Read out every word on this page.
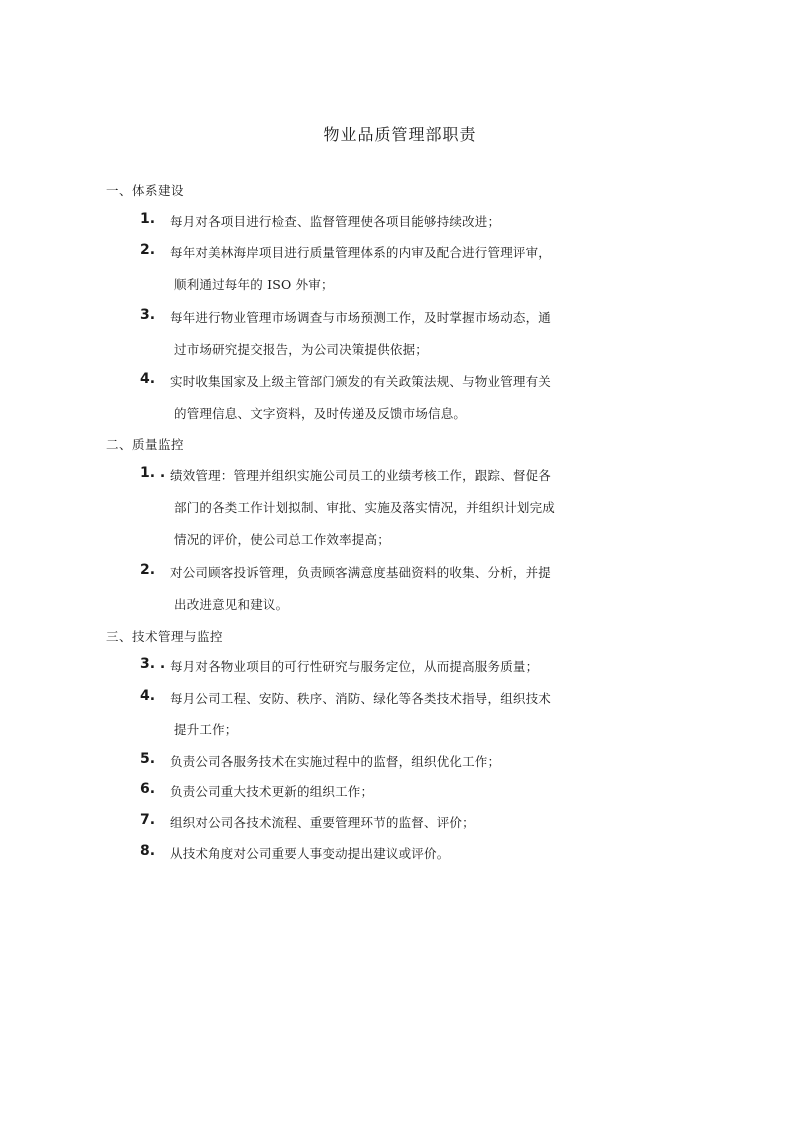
物业品质管理部职责
一、体系建设
1.	每月对各项目进行检查、监督管理使各项目能够持续改进；
2.	每年对美林海岸项目进行质量管理体系的内审及配合进行管理评审，
顺利通过每年的 ISO 外审；
3.	每年进行物业管理市场调查与市场预测工作，及时掌握市场动态，通
过市场研究提交报告，为公司决策提供依据；
4.	实时收集国家及上级主管部门颁发的有关政策法规、与物业管理有关
的管理信息、文字资料，及时传递及反馈市场信息。
二、质量监控
1. . 绩效管理：管理并组织实施公司员工的业绩考核工作，跟踪、督促各
部门的各类工作计划拟制、审批、实施及落实情况，并组织计划完成
情况的评价，使公司总工作效率提高；
2.	对公司顾客投诉管理，负责顾客满意度基础资料的收集、分析，并提
出改进意见和建议。
三、技术管理与监控
3. . 每月对各物业项目的可行性研究与服务定位，从而提高服务质量；
4.	每月公司工程、安防、秩序、消防、绿化等各类技术指导，组织技术
提升工作；
5.	负责公司各服务技术在实施过程中的监督，组织优化工作；
6.	负责公司重大技术更新的组织工作；
7.	组织对公司各技术流程、重要管理环节的监督、评价；
8.	从技术角度对公司重要人事变动提出建议或评价。
